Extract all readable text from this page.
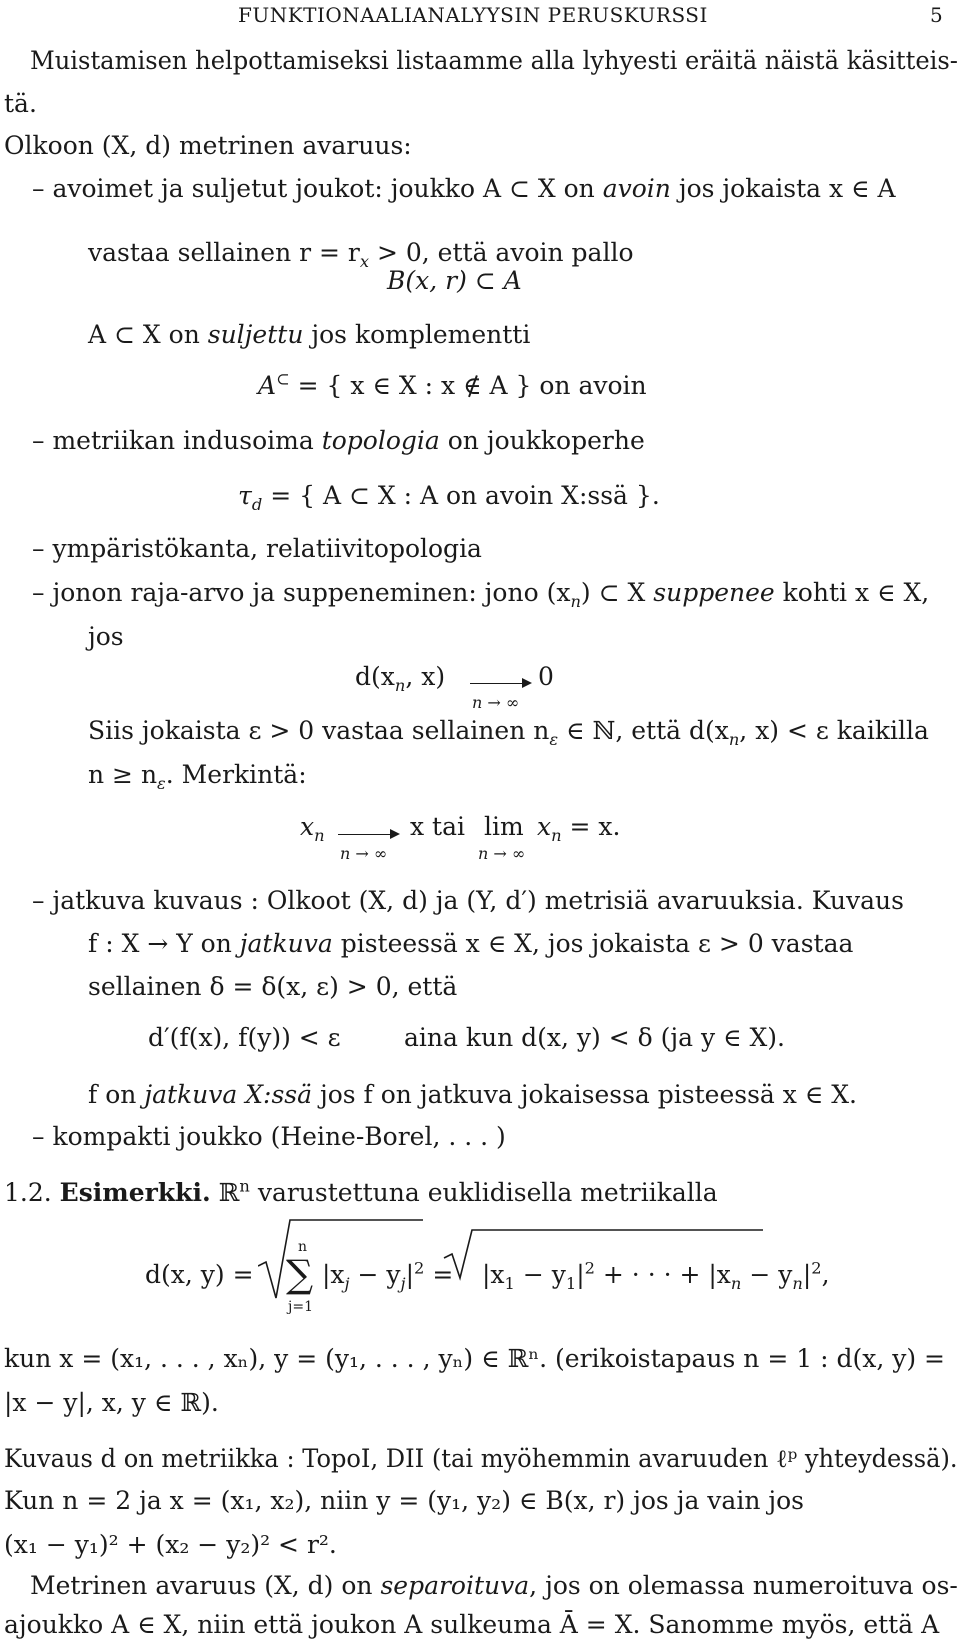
FUNKTIONAALIANALYYSIN PERUSKURSSI	5
Muistamisen helpottamiseksi listaamme alla lyhyesti eräitä näistä käsitteis-
tä.
Olkoon (X, d) metrinen avaruus:
– avoimet ja suljetut joukot: joukko A ⊂ X on avoin jos jokaista x ∈ A
vastaa sellainen $r = r_x > 0$, että avoin pallo
B(x, r) ⊂ A
A ⊂ X on suljettu jos komplementti
A⊂ = { x ∈ X : x ∉ A } on avoin
– metriikan indusoima topologia on joukkoperhe
$\tau_d$ = { A ⊂ X : A on avoin X:ssä }.
– ympäristökanta, relatiivitopologia
– jonon raja-arvo ja suppeneminen: jono $(x_n)$ ⊂ X suppenee kohti x ∈ X,
jos
$d(x_n$, x)
n → ∞
0
Siis jokaista ε > 0 vastaa sellainen $n_\varepsilon$ ∈ ℕ, että $d(x_n$, x) < ε kaikilla
$n \ge n_\varepsilon$. Merkintä:
$x_n$
n → ∞
x tai lim
n → ∞
$x_n = x$.
– jatkuva kuvaus : Olkoot (X, d) ja (Y, d′) metrisiä avaruuksia. Kuvaus
f : X → Y on jatkuva pisteessä x ∈ X, jos jokaista ε > 0 vastaa
sellainen δ = δ(x, ε) > 0, että
d′(f(x), f(y)) < ε	aina kun d(x, y) < δ (ja y ∈ X).
f on jatkuva X:ssä jos f on jatkuva jokaisessa pisteessä x ∈ X.
– kompakti joukko (Heine-Borel, . . . )
1.2. Esimerkki. ℝ$^n$ varustettuna euklidisella metriikalla
d(x, y) =
n
∑
j=1
$|x_j - y_j|^2 = |x_1 - y_1|^2$ + · · · + $|x_n - y_n|^2$,
kun x = (x₁, . . . , xₙ), y = (y₁, . . . , yₙ) ∈ ℝⁿ. (erikoistapaus n = 1 : d(x, y) =
|x − y|, x, y ∈ ℝ).
Kuvaus d on metriikka : TopoI, DII (tai myöhemmin avaruuden ℓᵖ yhteydessä).
Kun n = 2 ja x = (x₁, x₂), niin y = (y₁, y₂) ∈ B(x, r) jos ja vain jos
(x₁ − y₁)² + (x₂ − y₂)² < r².
Metrinen avaruus (X, d) on separoituva, jos on olemassa numeroituva os-
ajoukko A ∈ X, niin että joukon A sulkeuma Ā = X. Sanomme myös, että A
